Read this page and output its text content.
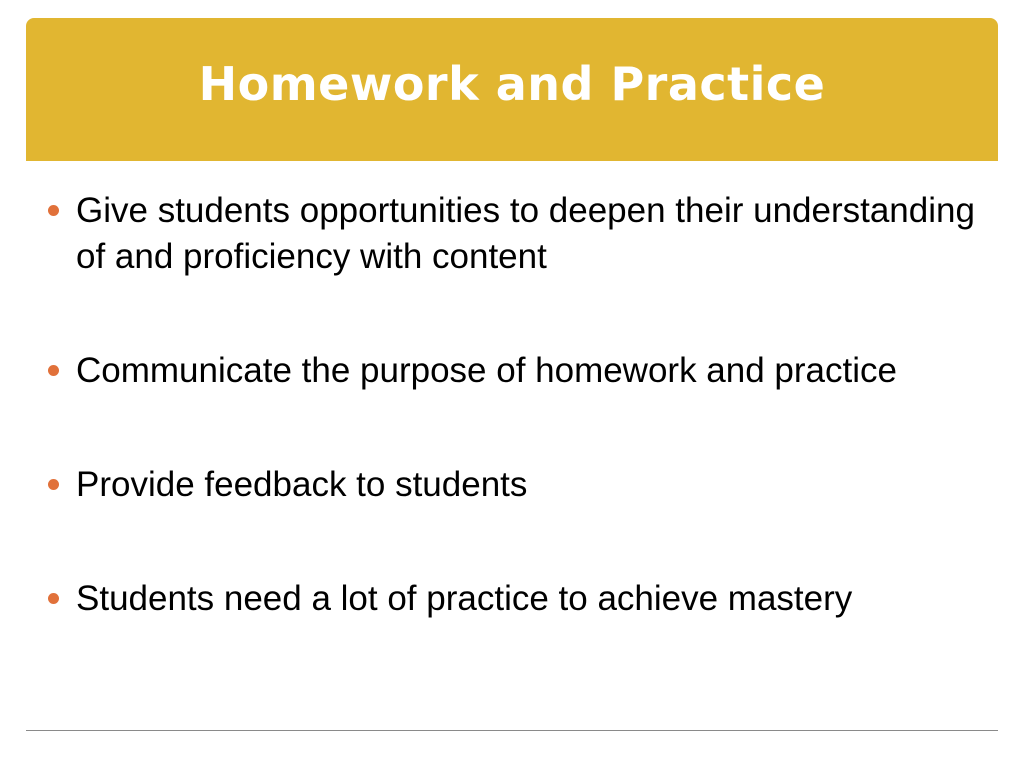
Homework and Practice
Give students opportunities to deepen their understanding of and proficiency with content
Communicate the purpose of homework and practice
Provide feedback to students
Students need a lot of practice to achieve mastery
